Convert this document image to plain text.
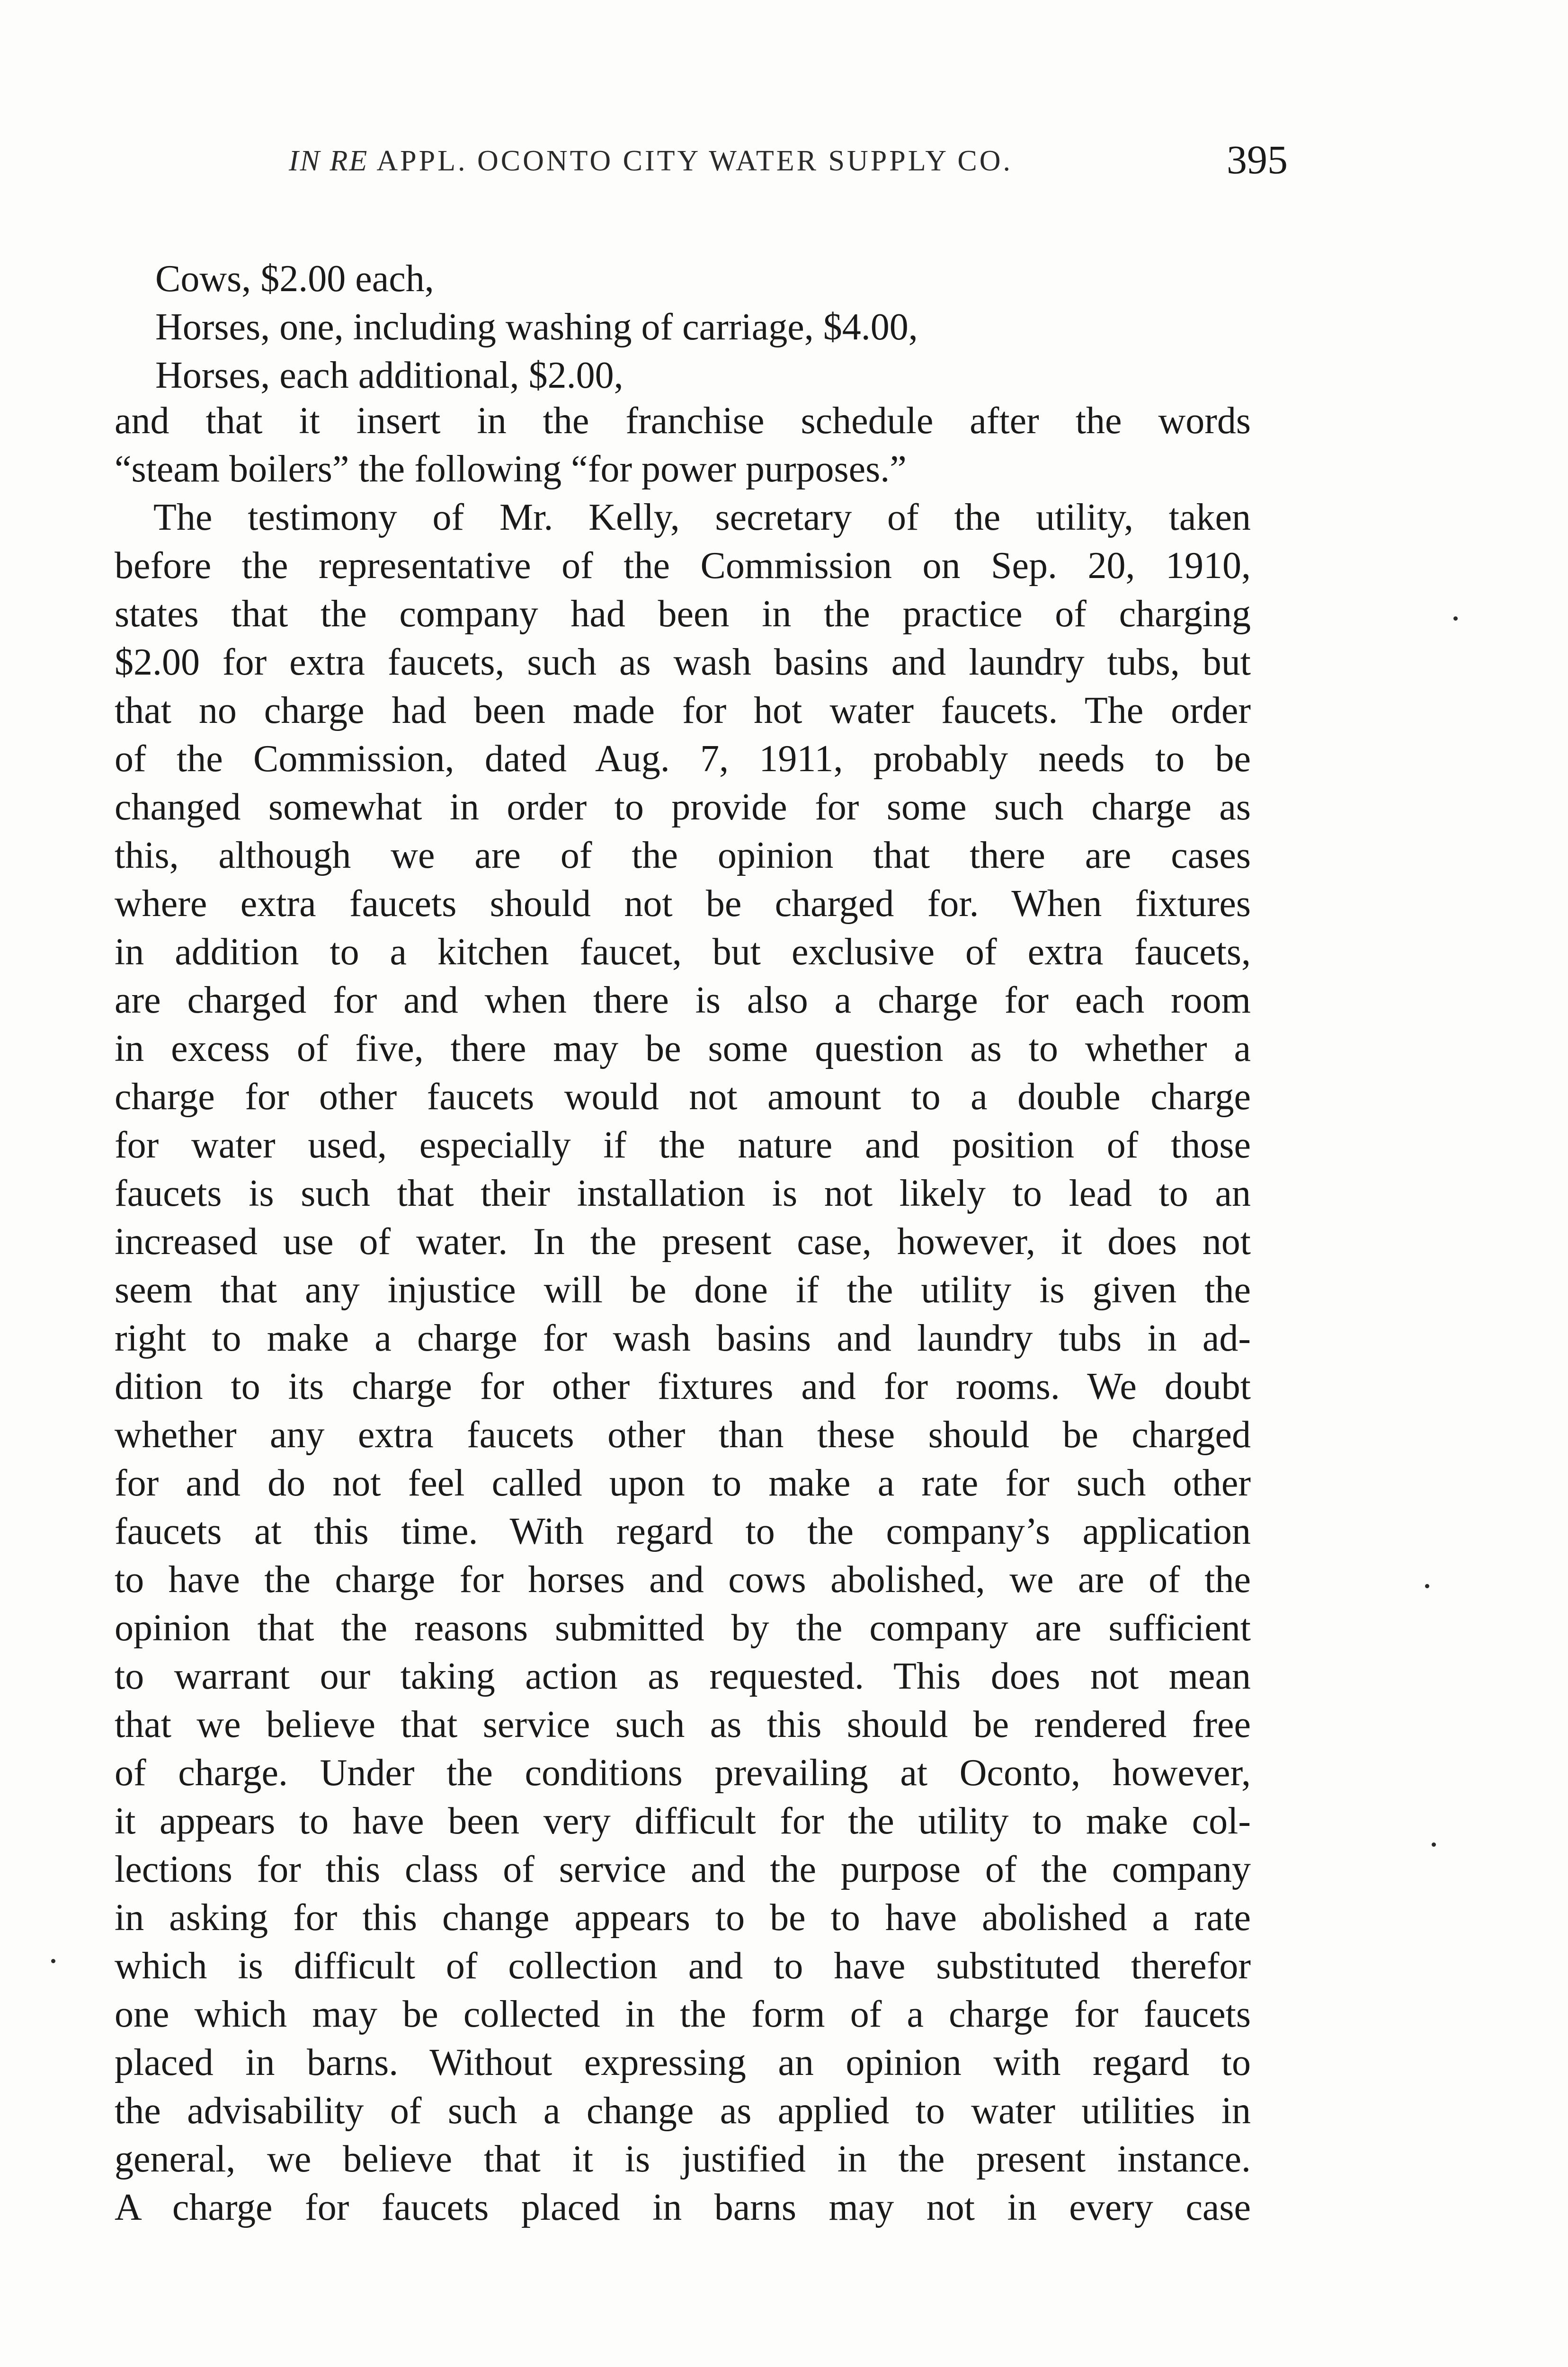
IN RE APPL. OCONTO CITY WATER SUPPLY CO.	395
Cows, $2.00 each,
Horses, one, including washing of carriage, $4.00,
Horses, each additional, $2.00,
and that it insert in the franchise schedule after the words
“steam boilers” the following “for power purposes.”
The testimony of Mr. Kelly, secretary of the utility, taken
before the representative of the Commission on Sep. 20, 1910,
states that the company had been in the practice of charging
$2.00 for extra faucets, such as wash basins and laundry tubs, but
that no charge had been made for hot water faucets. The order
of the Commission, dated Aug. 7, 1911, probably needs to be
changed somewhat in order to provide for some such charge as
this, although we are of the opinion that there are cases
where extra faucets should not be charged for. When fixtures
in addition to a kitchen faucet, but exclusive of extra faucets,
are charged for and when there is also a charge for each room
in excess of five, there may be some question as to whether a
charge for other faucets would not amount to a double charge
for water used, especially if the nature and position of those
faucets is such that their installation is not likely to lead to an
increased use of water. In the present case, however, it does not
seem that any injustice will be done if the utility is given the
right to make a charge for wash basins and laundry tubs in ad-
dition to its charge for other fixtures and for rooms. We doubt
whether any extra faucets other than these should be charged
for and do not feel called upon to make a rate for such other
faucets at this time. With regard to the company’s application
to have the charge for horses and cows abolished, we are of the
opinion that the reasons submitted by the company are sufficient
to warrant our taking action as requested. This does not mean
that we believe that service such as this should be rendered free
of charge. Under the conditions prevailing at Oconto, however,
it appears to have been very difficult for the utility to make col-
lections for this class of service and the purpose of the company
in asking for this change appears to be to have abolished a rate
which is difficult of collection and to have substituted therefor
one which may be collected in the form of a charge for faucets
placed in barns. Without expressing an opinion with regard to
the advisability of such a change as applied to water utilities in
general, we believe that it is justified in the present instance.
A charge for faucets placed in barns may not in every case
